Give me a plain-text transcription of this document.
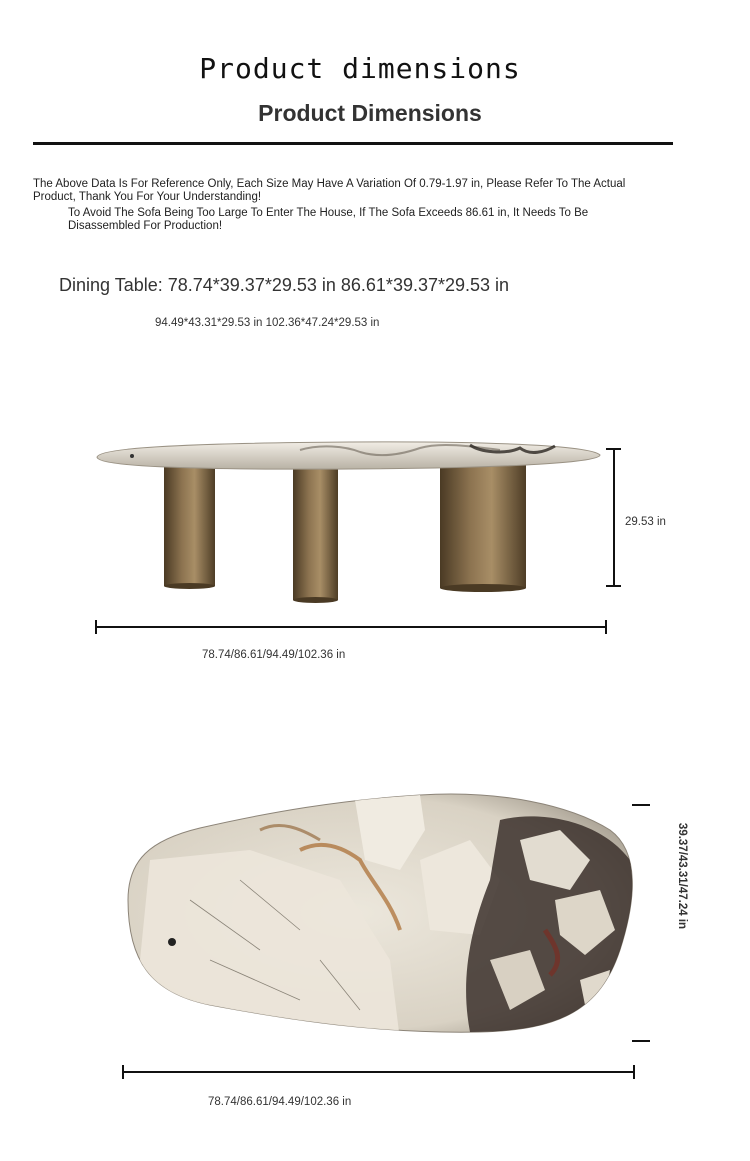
Product dimensions
Product Dimensions
The Above Data Is For Reference Only, Each Size May Have A Variation Of 0.79-1.97 in, Please Refer To The Actual Product, Thank You For Your Understanding!
To Avoid The Sofa Being Too Large To Enter The House, If The Sofa Exceeds 86.61 in, It Needs To Be Disassembled For Production!
Dining Table: 78.74*39.37*29.53 in 86.61*39.37*29.53 in
94.49*43.31*29.53 in 102.36*47.24*29.53 in
29.53 in
78.74/86.61/94.49/102.36 in
39.37/43.31/47.24 in
78.74/86.61/94.49/102.36 in
